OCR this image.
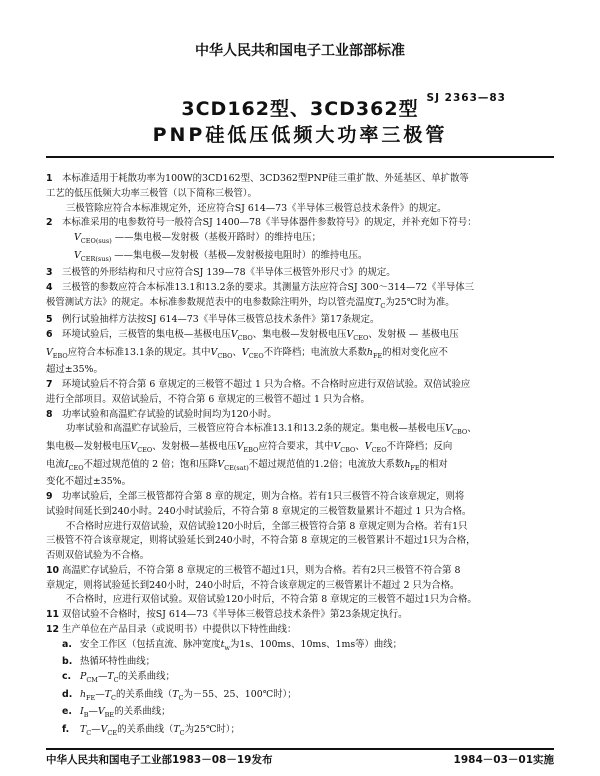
中华人民共和国电子工业部部标准
3CD162型、3CD362型
PNP硅低压低频大功率三极管
SJ 2363—83

1 本标准适用于耗散功率为100W的3CD162型、3CD362型PNP硅三重扩散、外延基区、单扩散等

工艺的低压低频大功率三极管（以下简称三极管）。

三极管除应符合本标准规定外，还应符合SJ 614—73《半导体三极管总技术条件》的规定。

2 本标准采用的电参数符号一般符合SJ 1400—78《半导体器件参数符号》的规定，并补充如下符号：

$V_{CEO(sus)}$ ——集电极—发射极（基极开路时）的维持电压；

$V_{CER(sus)}$ ——集电极—发射极（基极—发射极接电阻时）的维持电压。

3 三极管的外形结构和尺寸应符合SJ 139—78《半导体三极管外形尺寸》的规定。

4 三极管的参数应符合本标准13.1和13.2条的要求。其测量方法应符合SJ 300～314—72《半导体三

极管测试方法》的规定。本标准参数规范表中的电参数除注明外，均以管壳温度$T_C$为25℃时为准。

5 例行试验抽样方法按SJ 614—73《半导体三极管总技术条件》第17条规定。

6 环境试验后，三极管的集电极—基极电压$V_{CBO}$、集电极—发射极电压$V_{CEO}$、发射极 — 基极电压

$V_{EBO}$应符合本标准13.1条的规定。其中$V_{CBO}$、$V_{CEO}$不许降档；电流放大系数$h_{FE}$的相对变化应不

超过±35%。

7 环境试验后不符合第 6 章规定的三极管不超过 1 只为合格。不合格时应进行双倍试验。双倍试验应

进行全部项目。双倍试验后，不符合第 6 章规定的三极管不超过 1 只为合格。

8 功率试验和高温贮存试验的试验时间均为120小时。

功率试验和高温贮存试验后，三极管应符合本标准13.1和13.2条的规定。集电极—基极电压$V_{CBO}$、

集电极—发射极电压$V_{CEO}$、发射极—基极电压$V_{EBO}$应符合要求，其中$V_{CBO}$、$V_{CEO}$不许降档；反向

电流$I_{CEO}$不超过规范值的 2 倍；饱和压降$V_{CE(sat)}$不超过规范值的1.2倍；电流放大系数$h_{FE}$的相对

变化不超过±35%。

9 功率试验后，全部三极管都符合第 8 章的规定，则为合格。若有1只三极管不符合该章规定，则将

试验时间延长到240小时。240小时试验后，不符合第 8 章规定的三极管数量累计不超过 1 只为合格。

不合格时应进行双倍试验，双倍试验120小时后，全部三极管符合第 8 章规定则为合格。若有1只

三极管不符合该章规定，则将试验延长到240小时，不符合第 8 章规定的三极管累计不超过1只为合格，

否则双倍试验为不合格。

10 高温贮存试验后，不符合第 8 章规定的三极管不超过1只，则为合格。若有2只三极管不符合第 8

章规定，则将试验延长到240小时，240小时后，不符合该章规定的三极管累计不超过 2 只为合格。

不合格时，应进行双倍试验。双倍试验120小时后，不符合第 8 章规定的三极管不超过1只为合格。

11 双倍试验不合格时，按SJ 614—73《半导体三极管总技术条件》第23条规定执行。

12 生产单位在产品目录（或说明书）中提供以下特性曲线：

a. 安全工作区（包括直流、脉冲宽度$t_w$为1s、100ms、10ms、1ms等）曲线；

b. 热循环特性曲线；

c. $P_{CM}—T_C$的关系曲线；

d. $h_{FE}—T_C$的关系曲线（$T_C$为－55、25、100℃时）；

e. $I_B—V_{BE}$的关系曲线；

f. $T_C—V_{CE}$的关系曲线（$T_C$为25℃时）；

中华人民共和国电子工业部1983－08－19发布	1984－03－01实施
